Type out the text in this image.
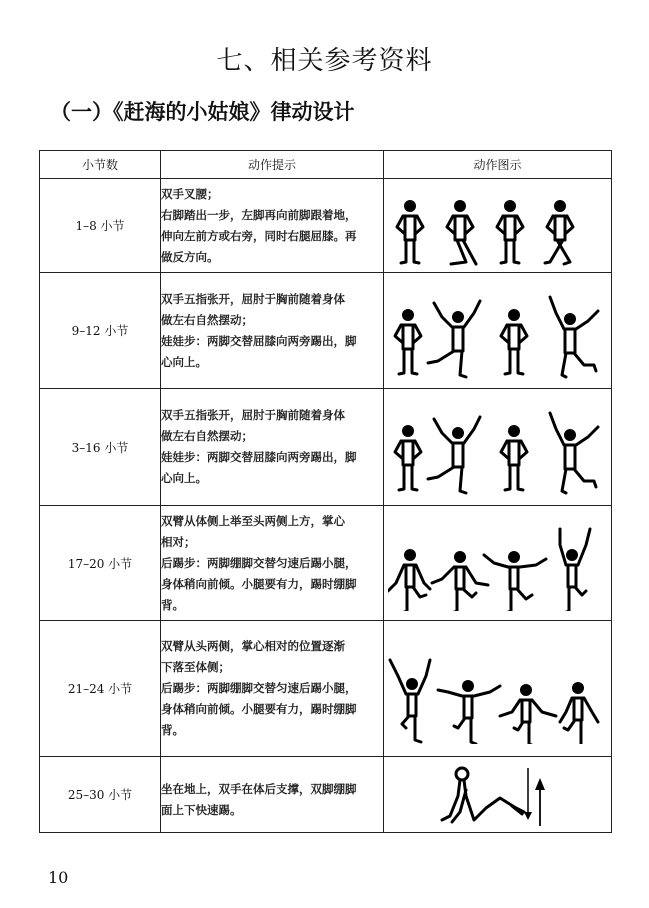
七、相关参考资料
（一）《赶海的小姑娘》律动设计
小节数	动作提示	动作图示
1–8 小节	双手叉腰；
右脚踏出一步，左脚再向前脚跟着地，
伸向左前方或右旁，同时右腿屈膝。再
做反方向。

9–12 小节	双手五指张开，屈肘于胸前随着身体
做左右自然摆动；
娃娃步：两脚交替屈膝向两旁踢出，脚
心向上。

3–16 小节	双手五指张开，屈肘于胸前随着身体
做左右自然摆动；
娃娃步：两脚交替屈膝向两旁踢出，脚
心向上。

17–20 小节	双臂从体侧上举至头两侧上方，掌心
相对；
后踢步：两脚绷脚交替匀速后踢小腿，
身体稍向前倾。小腿要有力，踢时绷脚
背。

21–24 小节	双臂从头两侧，掌心相对的位置逐渐
下落至体侧；
后踢步：两脚绷脚交替匀速后踢小腿，
身体稍向前倾。小腿要有力，踢时绷脚
背。

25–30 小节	坐在地上，双手在体后支撑，双脚绷脚
面上下快速踢。

10
